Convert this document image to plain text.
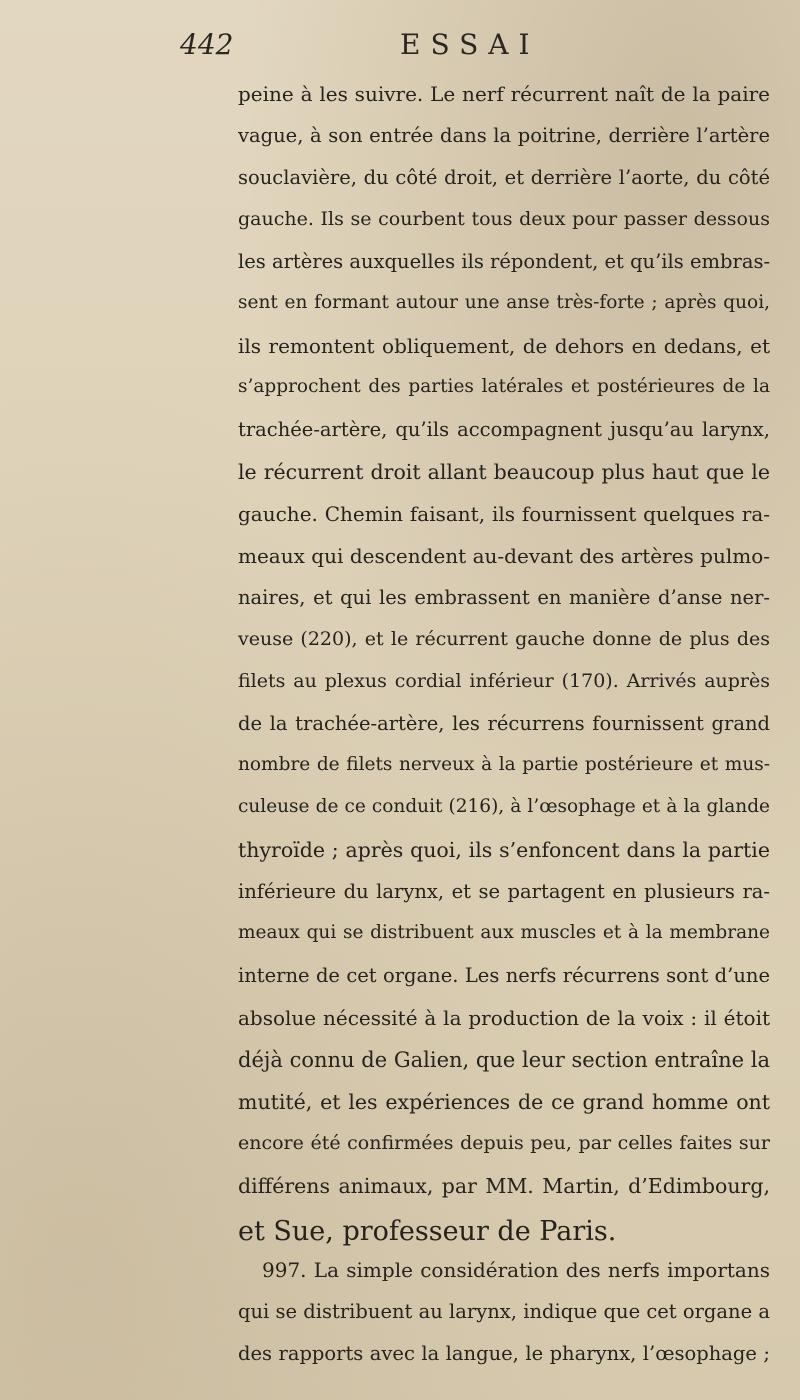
442	ESSAI
peine à les suivre. Le nerf récurrent naît de la paire
vague, à son entrée dans la poitrine, derrière l’artère
souclavière, du côté droit, et derrière l’aorte, du côté
gauche. Ils se courbent tous deux pour passer dessous
les artères auxquelles ils répondent, et qu’ils embras-
sent en formant autour une anse très-forte ; après quoi,
ils remontent obliquement, de dehors en dedans, et
s’approchent des parties latérales et postérieures de la
trachée-artère, qu’ils accompagnent jusqu’au larynx,
le récurrent droit allant beaucoup plus haut que le
gauche. Chemin faisant, ils fournissent quelques ra-
meaux qui descendent au-devant des artères pulmo-
naires, et qui les embrassent en manière d’anse ner-
veuse (220), et le récurrent gauche donne de plus des
filets au plexus cordial inférieur (170). Arrivés auprès
de la trachée-artère, les récurrens fournissent grand
nombre de filets nerveux à la partie postérieure et mus-
culeuse de ce conduit (216), à l’œsophage et à la glande
thyroïde ; après quoi, ils s’enfoncent dans la partie
inférieure du larynx, et se partagent en plusieurs ra-
meaux qui se distribuent aux muscles et à la membrane
interne de cet organe. Les nerfs récurrens sont d’une
absolue nécessité à la production de la voix : il étoit
déjà connu de Galien, que leur section entraîne la
mutité, et les expériences de ce grand homme ont
encore été confirmées depuis peu, par celles faites sur
différens animaux, par MM. Martin, d’Edimbourg,
et Sue, professeur de Paris.
997. La simple considération des nerfs importans
qui se distribuent au larynx, indique que cet organe a
des rapports avec la langue, le pharynx, l’œsophage ;
